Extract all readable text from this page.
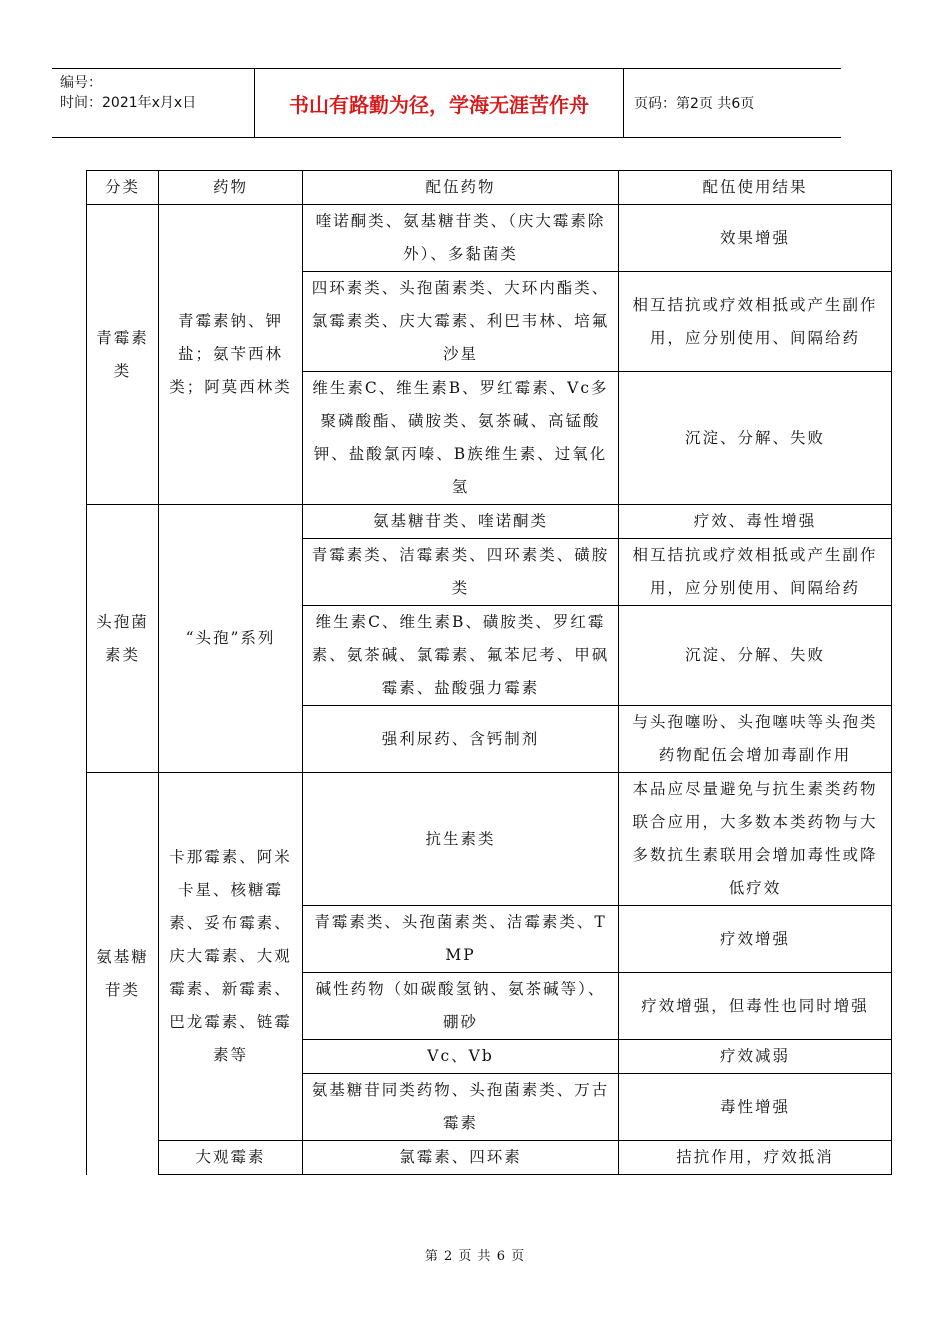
编号：
时间：2021年x月x日	书山有路勤为径，学海无涯苦作舟	页码：第2页 共6页
分类	药物	配伍药物	配伍使用结果
青霉素类	青霉素钠、钾盐；氨苄西林类；阿莫西林类	喹诺酮类、氨基糖苷类、（庆大霉素除外）、多黏菌类	效果增强
		四环素类、头孢菌素类、大环内酯类、氯霉素类、庆大霉素、利巴韦林、培氟沙星	相互拮抗或疗效相抵或产生副作用，应分别使用、间隔给药
		维生素C、维生素B、罗红霉素、Vc多聚磷酸酯、磺胺类、氨茶碱、高锰酸钾、盐酸氯丙嗪、B族维生素、过氧化氢	沉淀、分解、失败
头孢菌素类	“头孢”系列	氨基糖苷类、喹诺酮类	疗效、毒性增强
		青霉素类、洁霉素类、四环素类、磺胺类	相互拮抗或疗效相抵或产生副作用，应分别使用、间隔给药
		维生素C、维生素B、磺胺类、罗红霉素、氨茶碱、氯霉素、氟苯尼考、甲砜霉素、盐酸强力霉素	沉淀、分解、失败
		强利尿药、含钙制剂	与头孢噻吩、头孢噻呋等头孢类药物配伍会增加毒副作用
氨基糖苷类	卡那霉素、阿米卡星、核糖霉素、妥布霉素、庆大霉素、大观霉素、新霉素、巴龙霉素、链霉素等	抗生素类	本品应尽量避免与抗生素类药物联合应用，大多数本类药物与大多数抗生素联用会增加毒性或降低疗效
		青霉素类、头孢菌素类、洁霉素类、TMP	疗效增强
		碱性药物（如碳酸氢钠、氨茶碱等）、硼砂	疗效增强，但毒性也同时增强
		Vc、Vb	疗效减弱
		氨基糖苷同类药物、头孢菌素类、万古霉素	毒性增强
	大观霉素	氯霉素、四环素	拮抗作用，疗效抵消
第 2 页 共 6 页
